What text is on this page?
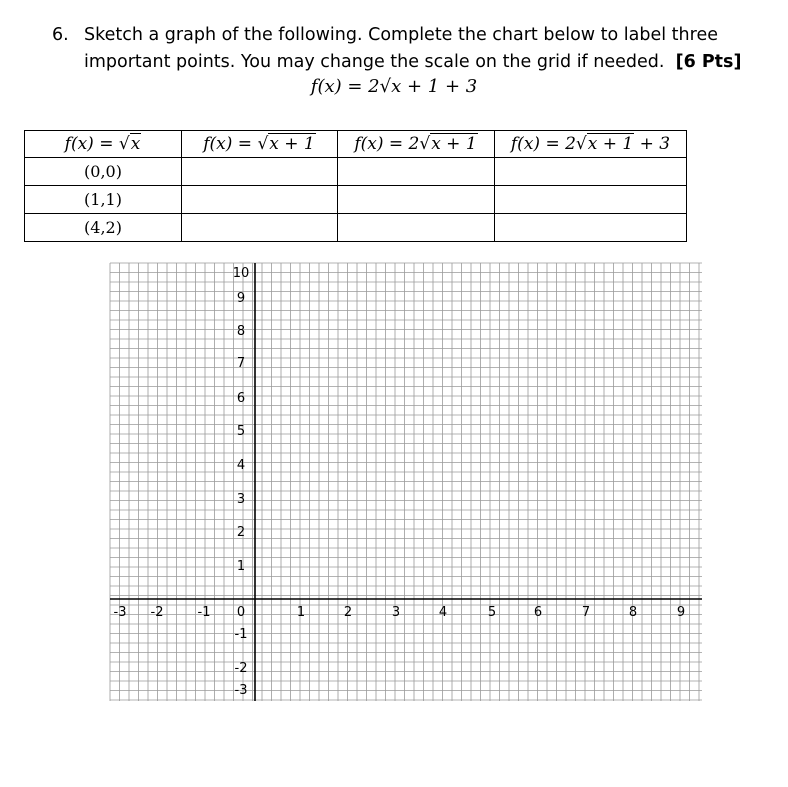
6. Sketch a graph of the following. Complete the chart below to label three
important points. You may change the scale on the grid if needed. [6 Pts]
f(x) = 2√x + 1 + 3
f(x) = √x	f(x) = √x + 1	f(x) = 2√x + 1	f(x) = 2√x + 1 + 3
(0,0)			
(1,1)			
(4,2)			
-3 -2	-1 0	1	2	3	4	5	6	7	8	9
10
9
8
7
6
5
4
3
2
1
-1
-2
-3
